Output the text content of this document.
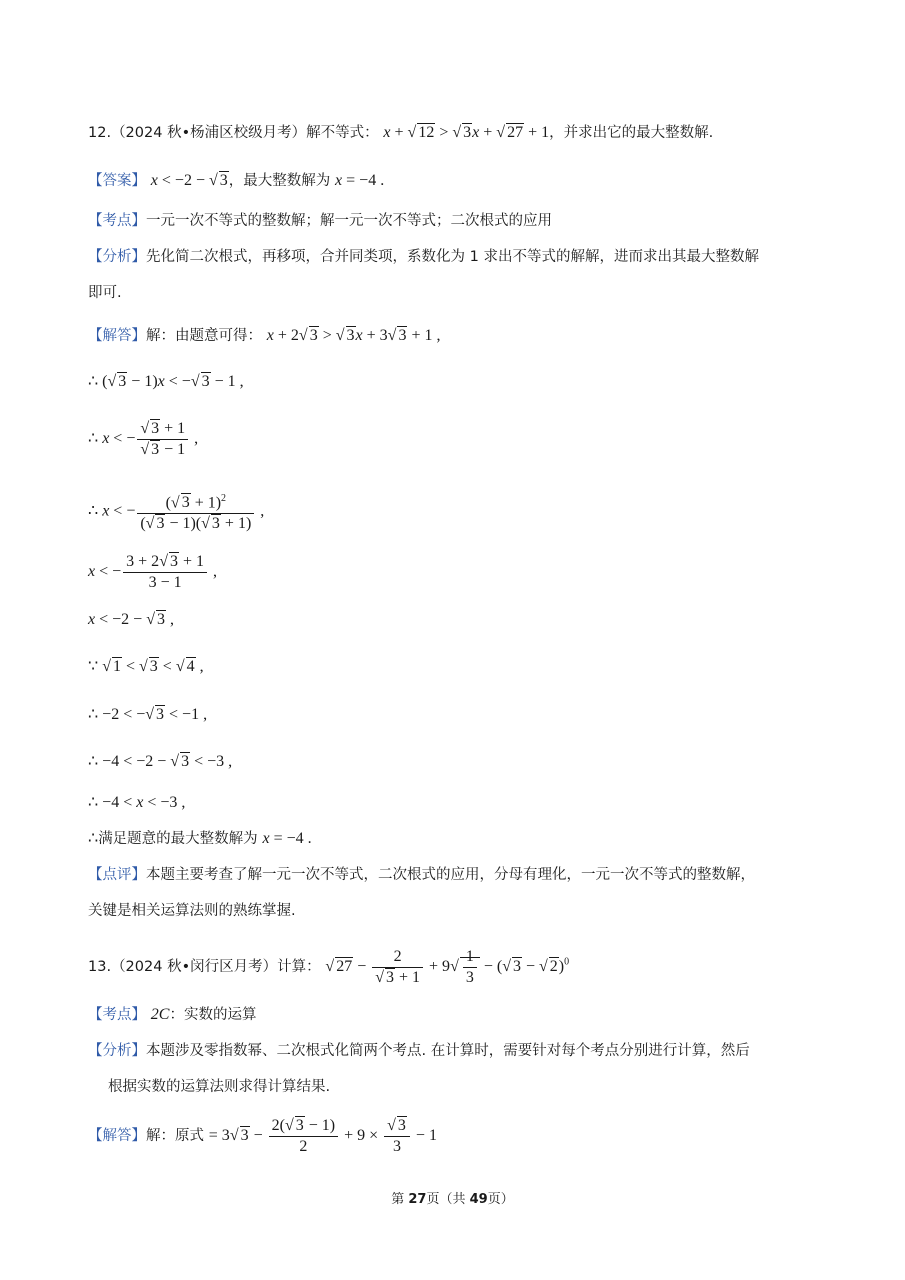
12.（2024 秋•杨浦区校级月考）解不等式： x + √ 12 > √ 3x + √ 27 + 1，并求出它的最大整数解.
【答案】 x < −2 − √ 3，最大整数解为 x = −4 .
【考点】一元一次不等式的整数解；解一元一次不等式；二次根式的应用
【分析】先化简二次根式，再移项，合并同类项，系数化为 1 求出不等式的解解，进而求出其最大整数解
即可.
【解答】解：由题意可得： x + 2√ 3 > √ 3x + 3√ 3 + 1 ,
∴ (√ 3 − 1)x < −√ 3 − 1 ,
∴ x < − $\frac{√ 3 + 1}{√ 3 - 1}$ ,
∴ x < − $\frac{(√ 3 + 1)^2}{(√ 3 - 1)(√ 3 + 1)}$ ,
x < − $\frac{3 + 2√ 3 + 1}{3 - 1}$ ,
x < −2 − √ 3 ,
∵ √ 1 < √ 3 < √ 4 ,
∴ −2 < −√ 3 < −1 ,
∴ −4 < −2 − √ 3 < −3 ,
∴ −4 < x < −3 ,
∴满足题意的最大整数解为 x = −4 .
【点评】本题主要考查了解一元一次不等式，二次根式的应用，分母有理化，一元一次不等式的整数解，
关键是相关运算法则的熟练掌握.
13.（2024 秋•闵行区月考）计算： √ $27 - \frac{2}{√ 3 + 1} + 9√ \frac{1}{3}$ − (√ 3 − √ 2)$^0$
【考点】 2C：实数的运算
【分析】本题涉及零指数幂、二次根式化简两个考点. 在计算时，需要针对每个考点分别进行计算，然后
根据实数的运算法则求得计算结果.
【解答】解：原式 = 3√ $3 - \frac{2(√ 3 - 1)}{2} + 9 \times \frac{√ 3}{3} - 1$
第 27页（共 49页）
